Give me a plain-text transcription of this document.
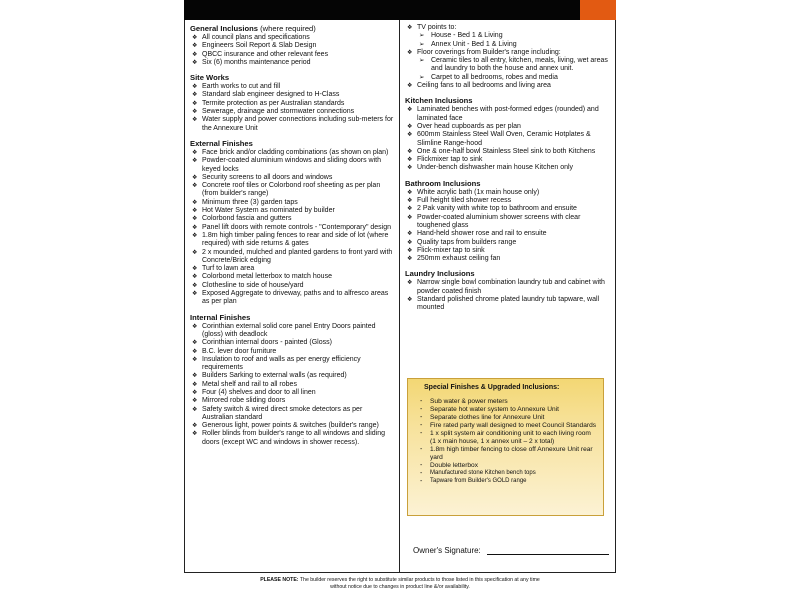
General Inclusions (where required)
❖ All council plans and specifications
❖ Engineers Soil Report & Slab Design
❖ QBCC insurance and other relevant fees
❖ Six (6) months maintenance period
Site Works
❖ Earth works to cut and fill
❖ Standard slab engineer designed to H-Class
❖ Termite protection as per Australian standards
❖ Sewerage, drainage and stormwater connections
❖ Water supply and power connections including sub-meters for the Annexure Unit
External Finishes
❖ Face brick and/or cladding combinations (as shown on plan)
❖ Powder-coated aluminium windows and sliding doors with keyed locks
❖ Security screens to all doors and windows
❖ Concrete roof tiles or Colorbond roof sheeting as per plan (from builder's range)
❖ Minimum three (3) garden taps
❖ Hot Water System as nominated by builder
❖ Colorbond fascia and gutters
❖ Panel lift doors with remote controls - "Contemporary" design
❖ 1.8m high timber paling fences to rear and side of lot (where required) with side returns & gates
❖ 2 x mounded, mulched and planted gardens to front yard with Concrete/Brick edging
❖ Turf to lawn area
❖ Colorbond metal letterbox to match house
❖ Clothesline to side of house/yard
❖ Exposed Aggregate to driveway, paths and to alfresco areas as per plan
Internal Finishes
❖ Corinthian external solid core panel Entry Doors painted (gloss) with deadlock
❖ Corinthian internal doors - painted (Gloss)
❖ B.C. lever door furniture
❖ Insulation to roof and walls as per energy efficiency requirements
❖ Builders Sarking to external walls (as required)
❖ Metal shelf and rail to all robes
❖ Four (4) shelves and door to all linen
❖ Mirrored robe sliding doors
❖ Safety switch & wired direct smoke detectors as per Australian standard
❖ Generous light, power points & switches (builder's range)
❖ Roller blinds from builder's range to all windows and sliding doors (except WC and windows in shower recess).
❖ TV points to:
➢ House - Bed 1 & Living
➢ Annex Unit - Bed 1 & Living
❖ Floor coverings from Builder's range including:
➢ Ceramic tiles to all entry, kitchen, meals, living, wet areas and laundry to both the house and annex unit.
➢ Carpet to all bedrooms, robes and media
❖ Ceiling fans to all bedrooms and living area
Kitchen Inclusions
❖ Laminated benches with post-formed edges (rounded) and laminated face
❖ Over head cupboards as per plan
❖ 600mm Stainless Steel Wall Oven, Ceramic Hotplates & Slimline Range-hood
❖ One & one-half bowl Stainless Steel sink to both Kitchens
❖ Flickmixer tap to sink
❖ Under-bench dishwasher main house Kitchen only
Bathroom Inclusions
❖ White acrylic bath (1x main house only)
❖ Full height tiled shower recess
❖ 2 Pak vanity with white top to bathroom and ensuite
❖ Powder-coated aluminium shower screens with clear toughened glass
❖ Hand-held shower rose and rail to ensuite
❖ Quality taps from builders range
❖ Flick-mixer tap to sink
❖ 250mm exhaust ceiling fan
Laundry Inclusions
❖ Narrow single bowl combination laundry tub and cabinet with powder coated finish
❖ Standard polished chrome plated laundry tub tapware, wall mounted
Special Finishes & Upgraded Inclusions:
- Sub water & power meters
- Separate hot water system to Annexure Unit
- Separate clothes line for Annexure Unit
- Fire rated party wall designed to meet Council Standards
- 1 x split system air conditioning unit to each living room (1 x main house, 1 x annex unit – 2 x total)
- 1.8m high timber fencing to close off Annexure Unit rear yard
- Double letterbox
- Manufactured stone Kitchen bench tops
- Tapware from Builder's GOLD range
Owner's Signature:
PLEASE NOTE: The builder reserves the right to substitute similar products to those listed in this specification at any time
without notice due to changes in product line &/or availability.
